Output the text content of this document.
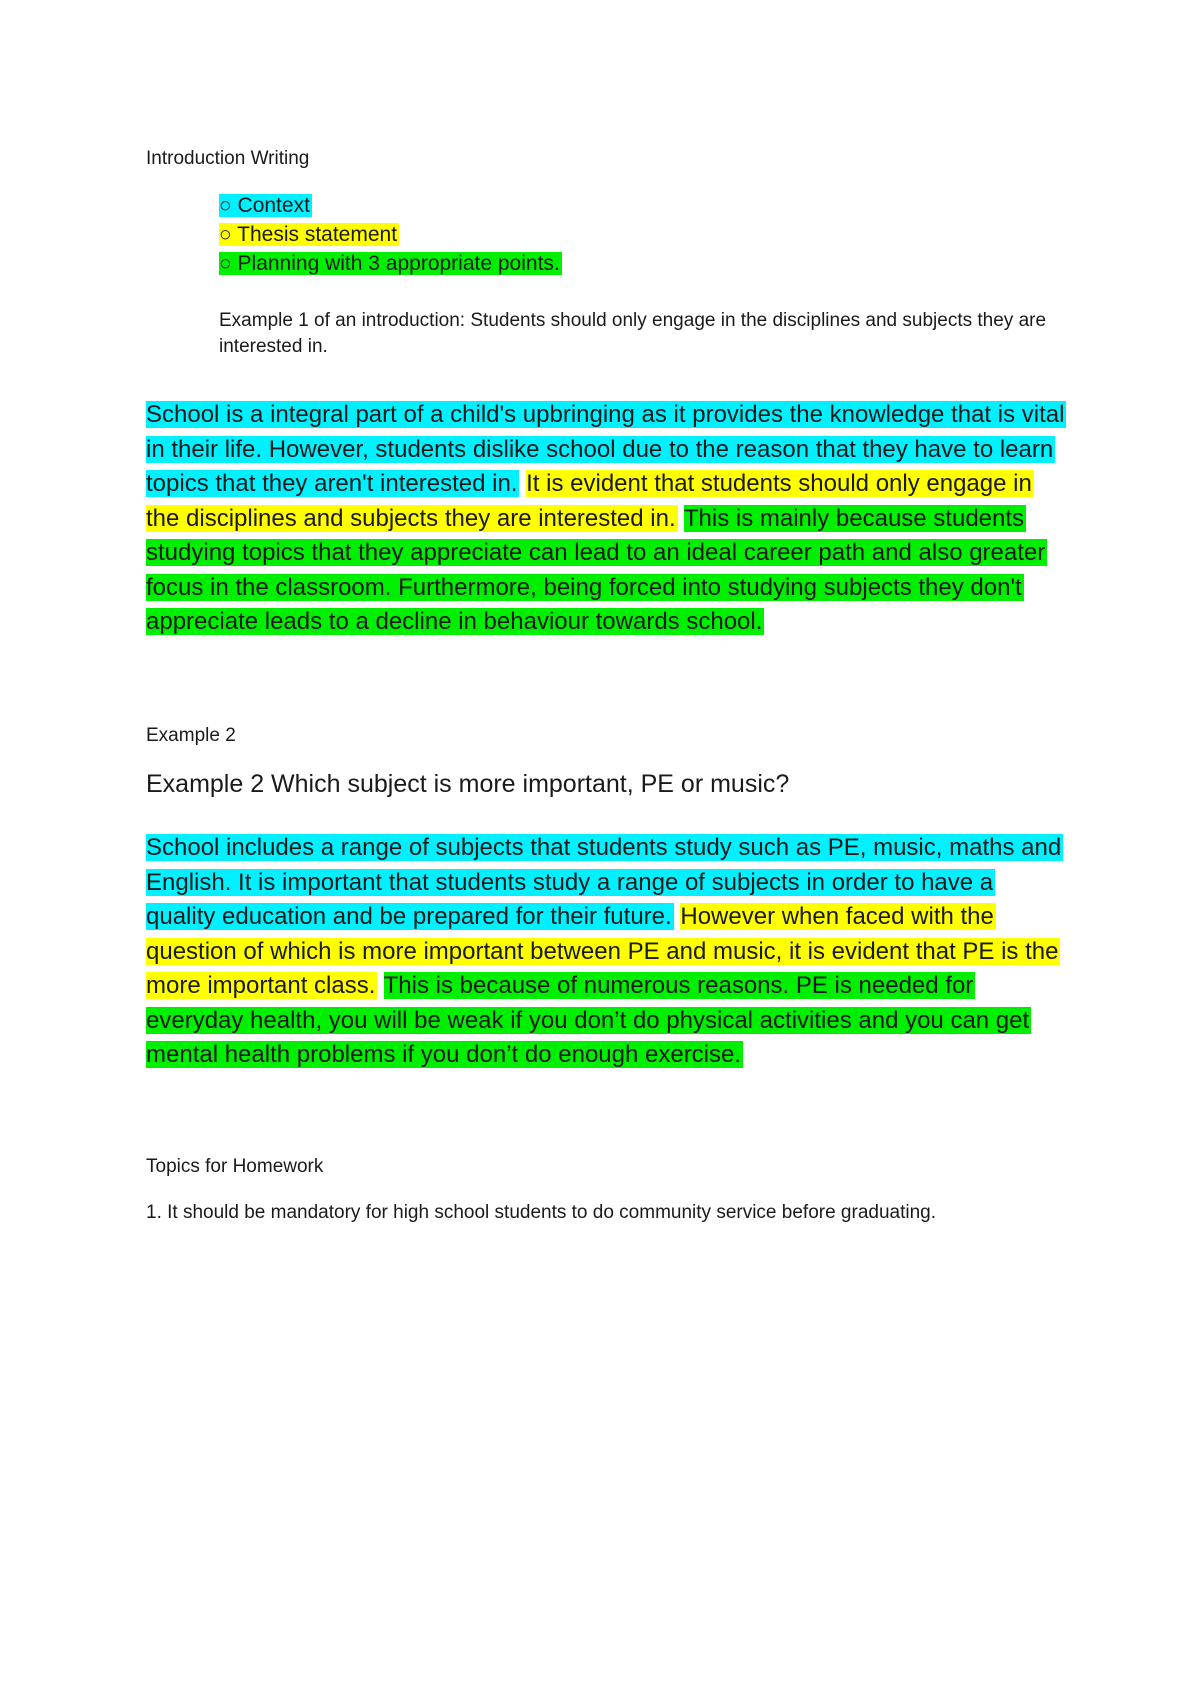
Introduction Writing
○ Context
○ Thesis statement
○ Planning with 3 appropriate points.

Example 1 of an introduction: Students should only engage in the disciplines and subjects they are interested in.

School is a integral part of a child's upbringing as it provides the knowledge that is vital in their life. However, students dislike school due to the reason that they have to learn topics that they aren't interested in. It is evident that students should only engage in the disciplines and subjects they are interested in. This is mainly because students studying topics that they appreciate can lead to an ideal career path and also greater focus in the classroom. Furthermore, being forced into studying subjects they don't appreciate leads to a decline in behaviour towards school.

Example 2
Example 2 Which subject is more important, PE or music?

School includes a range of subjects that students study such as PE, music, maths and English. It is important that students study a range of subjects in order to have a quality education and be prepared for their future. However when faced with the question of which is more important between PE and music, it is evident that PE is the more important class. This is because of numerous reasons. PE is needed for everyday health, you will be weak if you don’t do physical activities and you can get mental health problems if you don’t do enough exercise.

Topics for Homework
1. It should be mandatory for high school students to do community service before graduating.
